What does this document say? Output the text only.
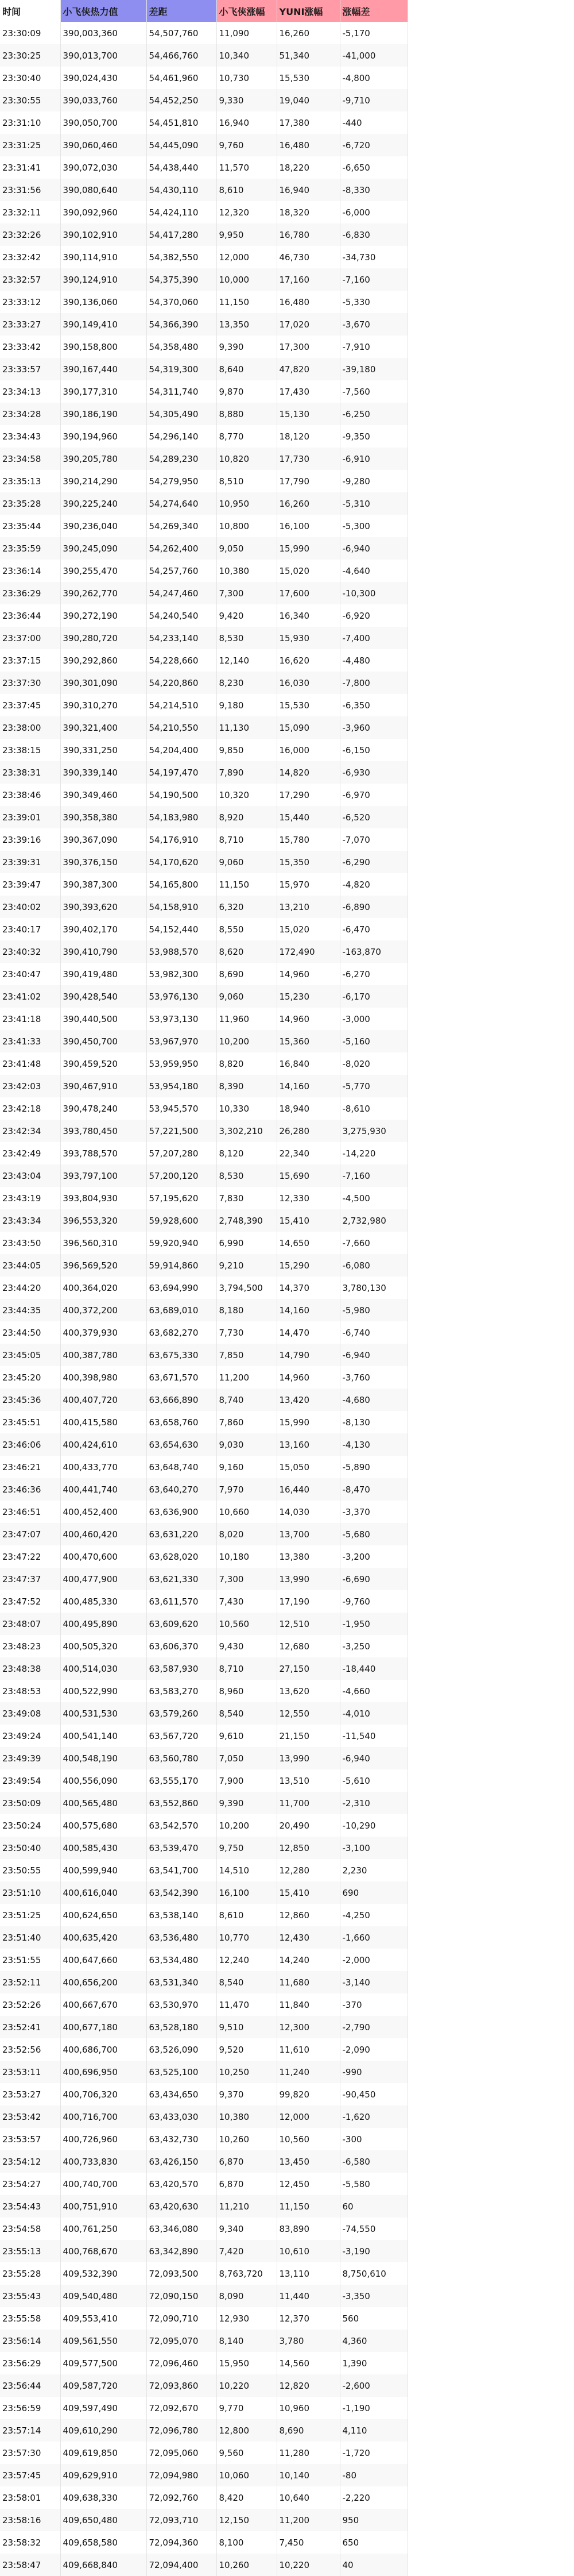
时间	小飞侠热力值	差距	小飞侠涨幅	YUNI涨幅	涨幅差
23:30:09	390,003,360	54,507,760	11,090	16,260	-5,170
23:30:25	390,013,700	54,466,760	10,340	51,340	-41,000
23:30:40	390,024,430	54,461,960	10,730	15,530	-4,800
23:30:55	390,033,760	54,452,250	9,330	19,040	-9,710
23:31:10	390,050,700	54,451,810	16,940	17,380	-440
23:31:25	390,060,460	54,445,090	9,760	16,480	-6,720
23:31:41	390,072,030	54,438,440	11,570	18,220	-6,650
23:31:56	390,080,640	54,430,110	8,610	16,940	-8,330
23:32:11	390,092,960	54,424,110	12,320	18,320	-6,000
23:32:26	390,102,910	54,417,280	9,950	16,780	-6,830
23:32:42	390,114,910	54,382,550	12,000	46,730	-34,730
23:32:57	390,124,910	54,375,390	10,000	17,160	-7,160
23:33:12	390,136,060	54,370,060	11,150	16,480	-5,330
23:33:27	390,149,410	54,366,390	13,350	17,020	-3,670
23:33:42	390,158,800	54,358,480	9,390	17,300	-7,910
23:33:57	390,167,440	54,319,300	8,640	47,820	-39,180
23:34:13	390,177,310	54,311,740	9,870	17,430	-7,560
23:34:28	390,186,190	54,305,490	8,880	15,130	-6,250
23:34:43	390,194,960	54,296,140	8,770	18,120	-9,350
23:34:58	390,205,780	54,289,230	10,820	17,730	-6,910
23:35:13	390,214,290	54,279,950	8,510	17,790	-9,280
23:35:28	390,225,240	54,274,640	10,950	16,260	-5,310
23:35:44	390,236,040	54,269,340	10,800	16,100	-5,300
23:35:59	390,245,090	54,262,400	9,050	15,990	-6,940
23:36:14	390,255,470	54,257,760	10,380	15,020	-4,640
23:36:29	390,262,770	54,247,460	7,300	17,600	-10,300
23:36:44	390,272,190	54,240,540	9,420	16,340	-6,920
23:37:00	390,280,720	54,233,140	8,530	15,930	-7,400
23:37:15	390,292,860	54,228,660	12,140	16,620	-4,480
23:37:30	390,301,090	54,220,860	8,230	16,030	-7,800
23:37:45	390,310,270	54,214,510	9,180	15,530	-6,350
23:38:00	390,321,400	54,210,550	11,130	15,090	-3,960
23:38:15	390,331,250	54,204,400	9,850	16,000	-6,150
23:38:31	390,339,140	54,197,470	7,890	14,820	-6,930
23:38:46	390,349,460	54,190,500	10,320	17,290	-6,970
23:39:01	390,358,380	54,183,980	8,920	15,440	-6,520
23:39:16	390,367,090	54,176,910	8,710	15,780	-7,070
23:39:31	390,376,150	54,170,620	9,060	15,350	-6,290
23:39:47	390,387,300	54,165,800	11,150	15,970	-4,820
23:40:02	390,393,620	54,158,910	6,320	13,210	-6,890
23:40:17	390,402,170	54,152,440	8,550	15,020	-6,470
23:40:32	390,410,790	53,988,570	8,620	172,490	-163,870
23:40:47	390,419,480	53,982,300	8,690	14,960	-6,270
23:41:02	390,428,540	53,976,130	9,060	15,230	-6,170
23:41:18	390,440,500	53,973,130	11,960	14,960	-3,000
23:41:33	390,450,700	53,967,970	10,200	15,360	-5,160
23:41:48	390,459,520	53,959,950	8,820	16,840	-8,020
23:42:03	390,467,910	53,954,180	8,390	14,160	-5,770
23:42:18	390,478,240	53,945,570	10,330	18,940	-8,610
23:42:34	393,780,450	57,221,500	3,302,210	26,280	3,275,930
23:42:49	393,788,570	57,207,280	8,120	22,340	-14,220
23:43:04	393,797,100	57,200,120	8,530	15,690	-7,160
23:43:19	393,804,930	57,195,620	7,830	12,330	-4,500
23:43:34	396,553,320	59,928,600	2,748,390	15,410	2,732,980
23:43:50	396,560,310	59,920,940	6,990	14,650	-7,660
23:44:05	396,569,520	59,914,860	9,210	15,290	-6,080
23:44:20	400,364,020	63,694,990	3,794,500	14,370	3,780,130
23:44:35	400,372,200	63,689,010	8,180	14,160	-5,980
23:44:50	400,379,930	63,682,270	7,730	14,470	-6,740
23:45:05	400,387,780	63,675,330	7,850	14,790	-6,940
23:45:20	400,398,980	63,671,570	11,200	14,960	-3,760
23:45:36	400,407,720	63,666,890	8,740	13,420	-4,680
23:45:51	400,415,580	63,658,760	7,860	15,990	-8,130
23:46:06	400,424,610	63,654,630	9,030	13,160	-4,130
23:46:21	400,433,770	63,648,740	9,160	15,050	-5,890
23:46:36	400,441,740	63,640,270	7,970	16,440	-8,470
23:46:51	400,452,400	63,636,900	10,660	14,030	-3,370
23:47:07	400,460,420	63,631,220	8,020	13,700	-5,680
23:47:22	400,470,600	63,628,020	10,180	13,380	-3,200
23:47:37	400,477,900	63,621,330	7,300	13,990	-6,690
23:47:52	400,485,330	63,611,570	7,430	17,190	-9,760
23:48:07	400,495,890	63,609,620	10,560	12,510	-1,950
23:48:23	400,505,320	63,606,370	9,430	12,680	-3,250
23:48:38	400,514,030	63,587,930	8,710	27,150	-18,440
23:48:53	400,522,990	63,583,270	8,960	13,620	-4,660
23:49:08	400,531,530	63,579,260	8,540	12,550	-4,010
23:49:24	400,541,140	63,567,720	9,610	21,150	-11,540
23:49:39	400,548,190	63,560,780	7,050	13,990	-6,940
23:49:54	400,556,090	63,555,170	7,900	13,510	-5,610
23:50:09	400,565,480	63,552,860	9,390	11,700	-2,310
23:50:24	400,575,680	63,542,570	10,200	20,490	-10,290
23:50:40	400,585,430	63,539,470	9,750	12,850	-3,100
23:50:55	400,599,940	63,541,700	14,510	12,280	2,230
23:51:10	400,616,040	63,542,390	16,100	15,410	690
23:51:25	400,624,650	63,538,140	8,610	12,860	-4,250
23:51:40	400,635,420	63,536,480	10,770	12,430	-1,660
23:51:55	400,647,660	63,534,480	12,240	14,240	-2,000
23:52:11	400,656,200	63,531,340	8,540	11,680	-3,140
23:52:26	400,667,670	63,530,970	11,470	11,840	-370
23:52:41	400,677,180	63,528,180	9,510	12,300	-2,790
23:52:56	400,686,700	63,526,090	9,520	11,610	-2,090
23:53:11	400,696,950	63,525,100	10,250	11,240	-990
23:53:27	400,706,320	63,434,650	9,370	99,820	-90,450
23:53:42	400,716,700	63,433,030	10,380	12,000	-1,620
23:53:57	400,726,960	63,432,730	10,260	10,560	-300
23:54:12	400,733,830	63,426,150	6,870	13,450	-6,580
23:54:27	400,740,700	63,420,570	6,870	12,450	-5,580
23:54:43	400,751,910	63,420,630	11,210	11,150	60
23:54:58	400,761,250	63,346,080	9,340	83,890	-74,550
23:55:13	400,768,670	63,342,890	7,420	10,610	-3,190
23:55:28	409,532,390	72,093,500	8,763,720	13,110	8,750,610
23:55:43	409,540,480	72,090,150	8,090	11,440	-3,350
23:55:58	409,553,410	72,090,710	12,930	12,370	560
23:56:14	409,561,550	72,095,070	8,140	3,780	4,360
23:56:29	409,577,500	72,096,460	15,950	14,560	1,390
23:56:44	409,587,720	72,093,860	10,220	12,820	-2,600
23:56:59	409,597,490	72,092,670	9,770	10,960	-1,190
23:57:14	409,610,290	72,096,780	12,800	8,690	4,110
23:57:30	409,619,850	72,095,060	9,560	11,280	-1,720
23:57:45	409,629,910	72,094,980	10,060	10,140	-80
23:58:01	409,638,330	72,092,760	8,420	10,640	-2,220
23:58:16	409,650,480	72,093,710	12,150	11,200	950
23:58:32	409,658,580	72,094,360	8,100	7,450	650
23:58:47	409,668,840	72,094,400	10,260	10,220	40
